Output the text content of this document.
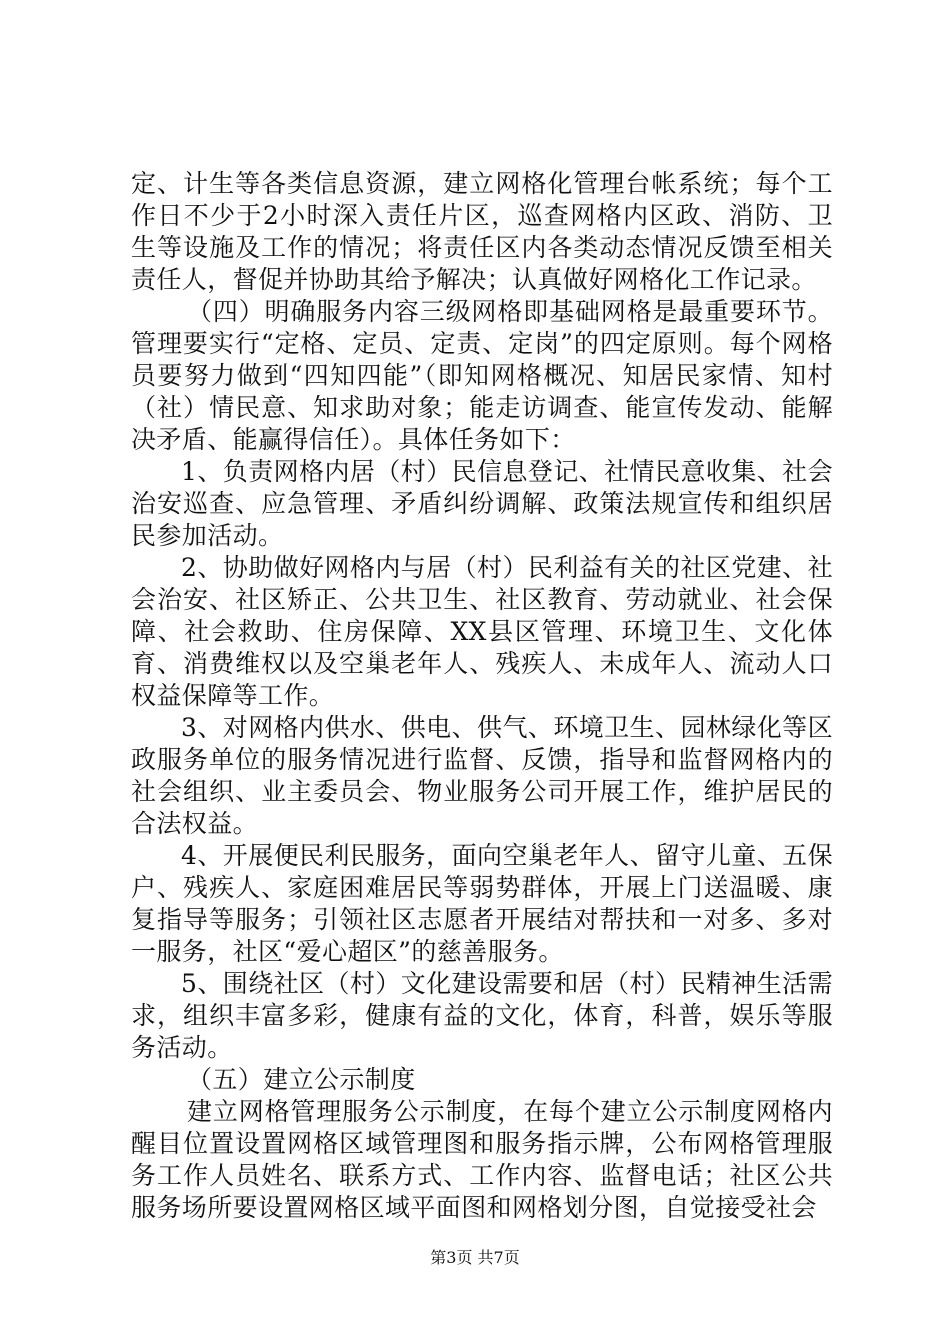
定、计生等各类信息资源，建立网格化管理台帐系统；每个工作日不少于2小时深入责任片区，巡查网格内区政、消防、卫生等设施及工作的情况；将责任区内各类动态情况反馈至相关责任人，督促并协助其给予解决；认真做好网格化工作记录。

（四）明确服务内容三级网格即基础网格是最重要环节。管理要实行“定格、定员、定责、定岗”的四定原则。每个网格员要努力做到“四知四能”（即知网格概况、知居民家情、知村（社）情民意、知求助对象；能走访调查、能宣传发动、能解决矛盾、能赢得信任）。具体任务如下：

1、负责网格内居（村）民信息登记、社情民意收集、社会治安巡查、应急管理、矛盾纠纷调解、政策法规宣传和组织居民参加活动。

2、协助做好网格内与居（村）民利益有关的社区党建、社会治安、社区矫正、公共卫生、社区教育、劳动就业、社会保障、社会救助、住房保障、XX县区管理、环境卫生、文化体育、消费维权以及空巢老年人、残疾人、未成年人、流动人口权益保障等工作。

3、对网格内供水、供电、供气、环境卫生、园林绿化等区政服务单位的服务情况进行监督、反馈，指导和监督网格内的社会组织、业主委员会、物业服务公司开展工作，维护居民的合法权益。

4、开展便民利民服务，面向空巢老年人、留守儿童、五保户、残疾人、家庭困难居民等弱势群体，开展上门送温暖、康复指导等服务；引领社区志愿者开展结对帮扶和一对多、多对一服务，社区“爱心超区”的慈善服务。

5、围绕社区（村）文化建设需要和居（村）民精神生活需求，组织丰富多彩，健康有益的文化，体育，科普，娱乐等服务活动。

（五）建立公示制度

建立网格管理服务公示制度，在每个建立公示制度网格内醒目位置设置网格区域管理图和服务指示牌，公布网格管理服务工作人员姓名、联系方式、工作内容、监督电话；社区公共服务场所要设置网格区域平面图和网格划分图，自觉接受社会

第3页 共7页
